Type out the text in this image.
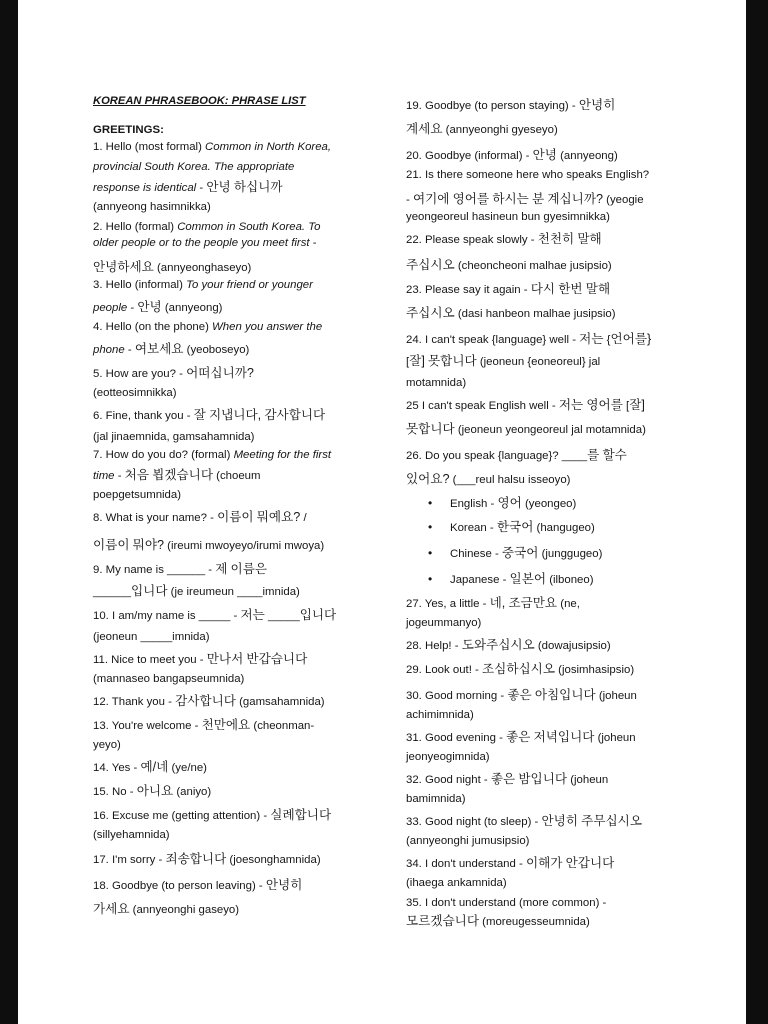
KOREAN PHRASEBOOK: PHRASE LIST
GREETINGS:
1. Hello (most formal) Common in North Korea,
provincial South Korea. The appropriate
response is identical - 안녕 하십니까
(annyeong hasimnikka)
2. Hello (formal) Common in South Korea. To
older people or to the people you meet first -
안녕하세요 (annyeonghaseyo)
3. Hello (informal) To your friend or younger
people - 안녕 (annyeong)
4. Hello (on the phone) When you answer the
phone - 여보세요 (yeoboseyo)
5. How are you? - 어떠십니까?
(eotteosimnikka)
6. Fine, thank you - 잘 지냅니다, 감사합니다
(jal jinaemnida, gamsahamnida)
7. How do you do? (formal) Meeting for the first
time - 처음 뵙겠습니다 (choeum
poepgetsumnida)
8. What is your name? - 이름이 뭐예요? /
이름이 뭐야? (ireumi mwoyeyo/irumi mwoya)
9. My name is ______ - 제 이름은
______입니다 (je ireumeun ____imnida)
10. I am/my name is _____ - 저는 _____입니다
(jeoneun _____imnida)
11. Nice to meet you - 만나서 반갑습니다
(mannaseo bangapseumnida)
12. Thank you - 감사합니다 (gamsahamnida)
13. You're welcome - 천만에요 (cheonman-
yeyo)
14. Yes - 예/네 (ye/ne)
15. No - 아니요 (aniyo)
16. Excuse me (getting attention) - 실례합니다
(sillyehamnida)
17. I'm sorry - 죄송합니다 (joesonghamnida)
18. Goodbye (to person leaving) - 안녕히
가세요 (annyeonghi gaseyo)
19. Goodbye (to person staying) - 안녕히
계세요 (annyeonghi gyeseyo)
20. Goodbye (informal) - 안녕 (annyeong)
21. Is there someone here who speaks English?
- 여기에 영어를 하시는 분 계십니까? (yeogie
yeongeoreul hasineun bun gyesimnikka)
22. Please speak slowly - 천천히 말해
주십시오 (cheoncheoni malhae jusipsio)
23. Please say it again - 다시 한번 말해
주십시오 (dasi hanbeon malhae jusipsio)
24. I can't speak {language} well - 저는 {언어를}
[잘] 못합니다 (jeoneun {eoneoreul} jal
motamnida)
25 I can't speak English well - 저는 영어를 [잘]
못합니다 (jeoneun yeongeoreul jal motamnida)
26. Do you speak {language}? ____를 할수
있어요? (___reul halsu isseoyo)
• English - 영어 (yeongeo)
• Korean - 한국어 (hangugeo)
• Chinese - 중국어 (junggugeo)
• Japanese - 일본어 (ilboneo)
27. Yes, a little - 네, 조금만요 (ne,
jogeummanyo)
28. Help! - 도와주십시오 (dowajusipsio)
29. Look out! - 조심하십시오 (josimhasipsio)
30. Good morning - 좋은 아침입니다 (joheun
achimimnida)
31. Good evening - 좋은 저녁입니다 (joheun
jeonyeogimnida)
32. Good night - 좋은 밤입니다 (joheun
bamimnida)
33. Good night (to sleep) - 안녕히 주무십시오
(annyeonghi jumusipsio)
34. I don't understand - 이해가 안갑니다
(ihaega ankamnida)
35. I don't understand (more common) -
모르겠습니다 (moreugesseumnida)
